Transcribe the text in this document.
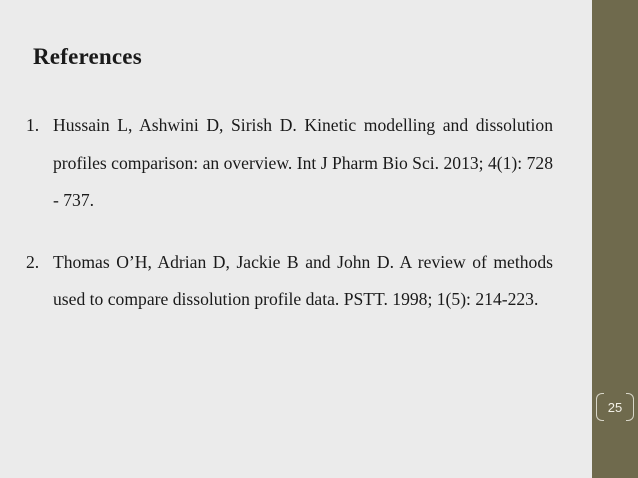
References
1. Hussain L, Ashwini D, Sirish D. Kinetic modelling and dissolution profiles comparison: an overview. Int J Pharm Bio Sci. 2013; 4(1): 728 - 737.
2. Thomas O’H, Adrian D, Jackie B and John D. A review of methods used to compare dissolution profile data. PSTT. 1998; 1(5): 214-223.
25
